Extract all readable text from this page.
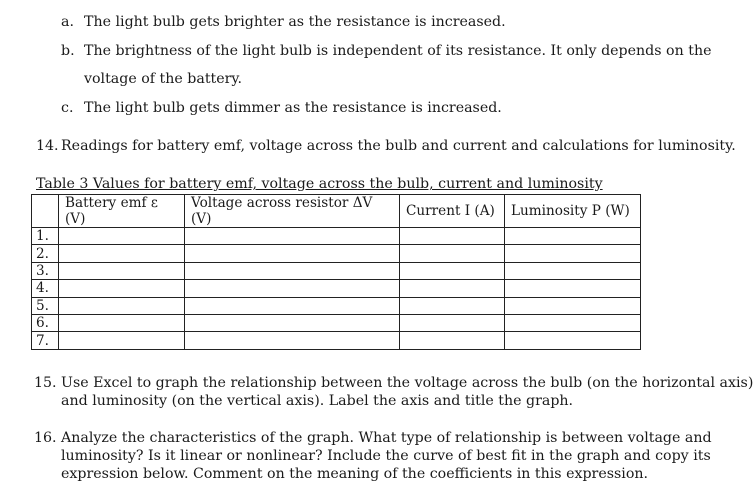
a. The light bulb gets brighter as the resistance is increased.
b. The brightness of the light bulb is independent of its resistance. It only depends on the
voltage of the battery.
c. The light bulb gets dimmer as the resistance is increased.
14. Readings for battery emf, voltage across the bulb and current and calculations for luminosity.
Table 3 Values for battery emf, voltage across the bulb, current and luminosity
	Battery emf ε (V)	Voltage across resistor ΔV (V)	Current I (A)	Luminosity P (W)
1.				
2.				
3.				
4.				
5.				
6.				
7.				
15. Use Excel to graph the relationship between the voltage across the bulb (on the horizontal axis)
and luminosity (on the vertical axis). Label the axis and title the graph.
16. Analyze the characteristics of the graph. What type of relationship is between voltage and
luminosity? Is it linear or nonlinear? Include the curve of best fit in the graph and copy its
expression below. Comment on the meaning of the coefficients in this expression.
